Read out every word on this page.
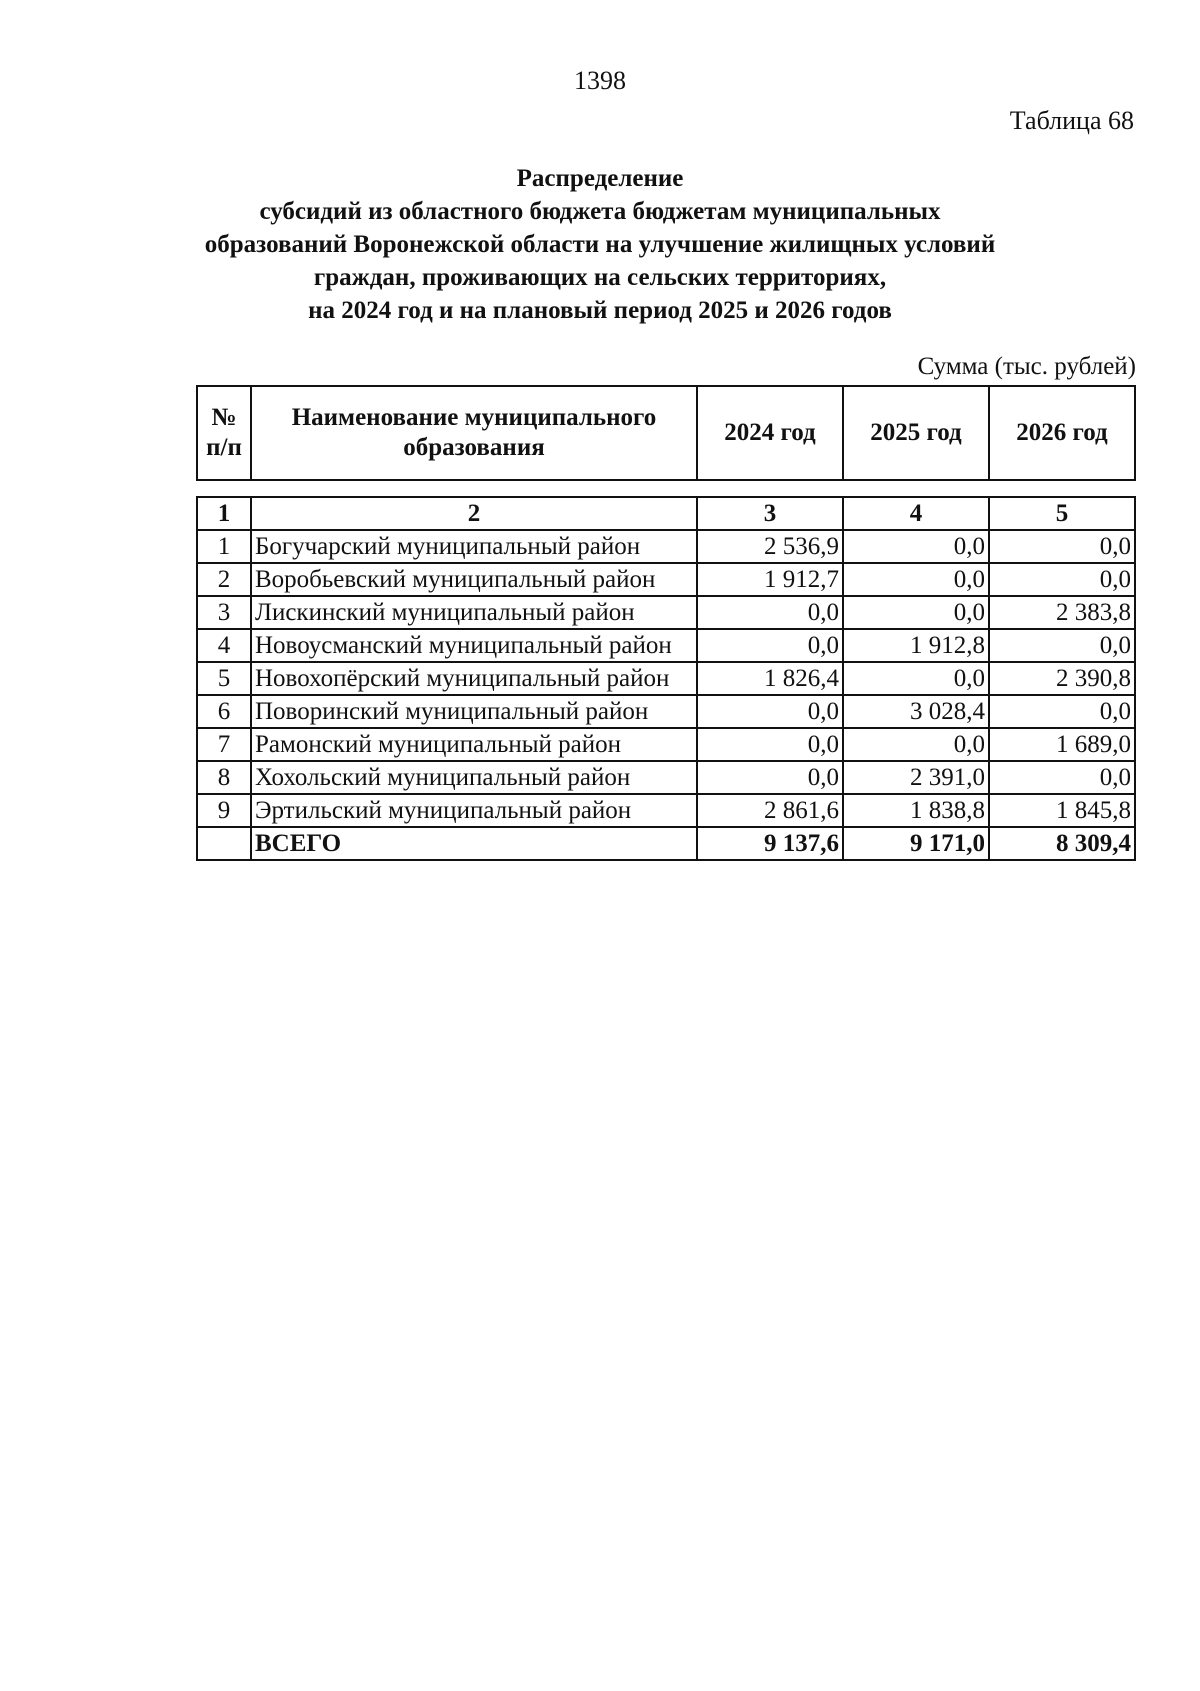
1398
Таблица 68
Распределение
субсидий из областного бюджета бюджетам муниципальных
образований Воронежской области на улучшение жилищных условий
граждан, проживающих на сельских территориях,
на 2024 год и на плановый период 2025 и 2026 годов
Сумма (тыс. рублей)
№ п/п	Наименование муниципального образования	2024 год	2025 год	2026 год
1	2	3	4	5
1	Богучарский муниципальный район	2 536,9	0,0	0,0
2	Воробьевский муниципальный район	1 912,7	0,0	0,0
3	Лискинский муниципальный район	0,0	0,0	2 383,8
4	Новоусманский муниципальный район	0,0	1 912,8	0,0
5	Новохопёрский муниципальный район	1 826,4	0,0	2 390,8
6	Поворинский муниципальный район	0,0	3 028,4	0,0
7	Рамонский муниципальный район	0,0	0,0	1 689,0
8	Хохольский муниципальный район	0,0	2 391,0	0,0
9	Эртильский муниципальный район	2 861,6	1 838,8	1 845,8
	ВСЕГО	9 137,6	9 171,0	8 309,4
